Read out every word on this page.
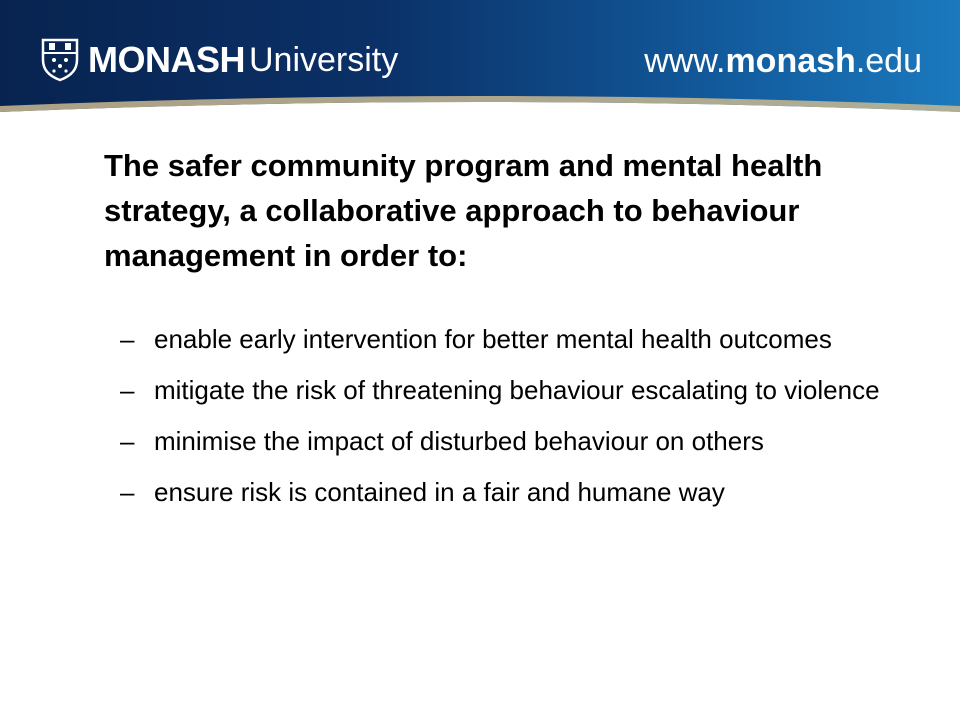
MONASH University	www.monash.edu
The safer community program and mental health strategy, a collaborative approach to behaviour management in order to:
– enable early intervention for better mental health outcomes
– mitigate the risk of threatening behaviour escalating to violence
– minimise the impact of disturbed behaviour on others
– ensure risk is contained in a fair and humane way
